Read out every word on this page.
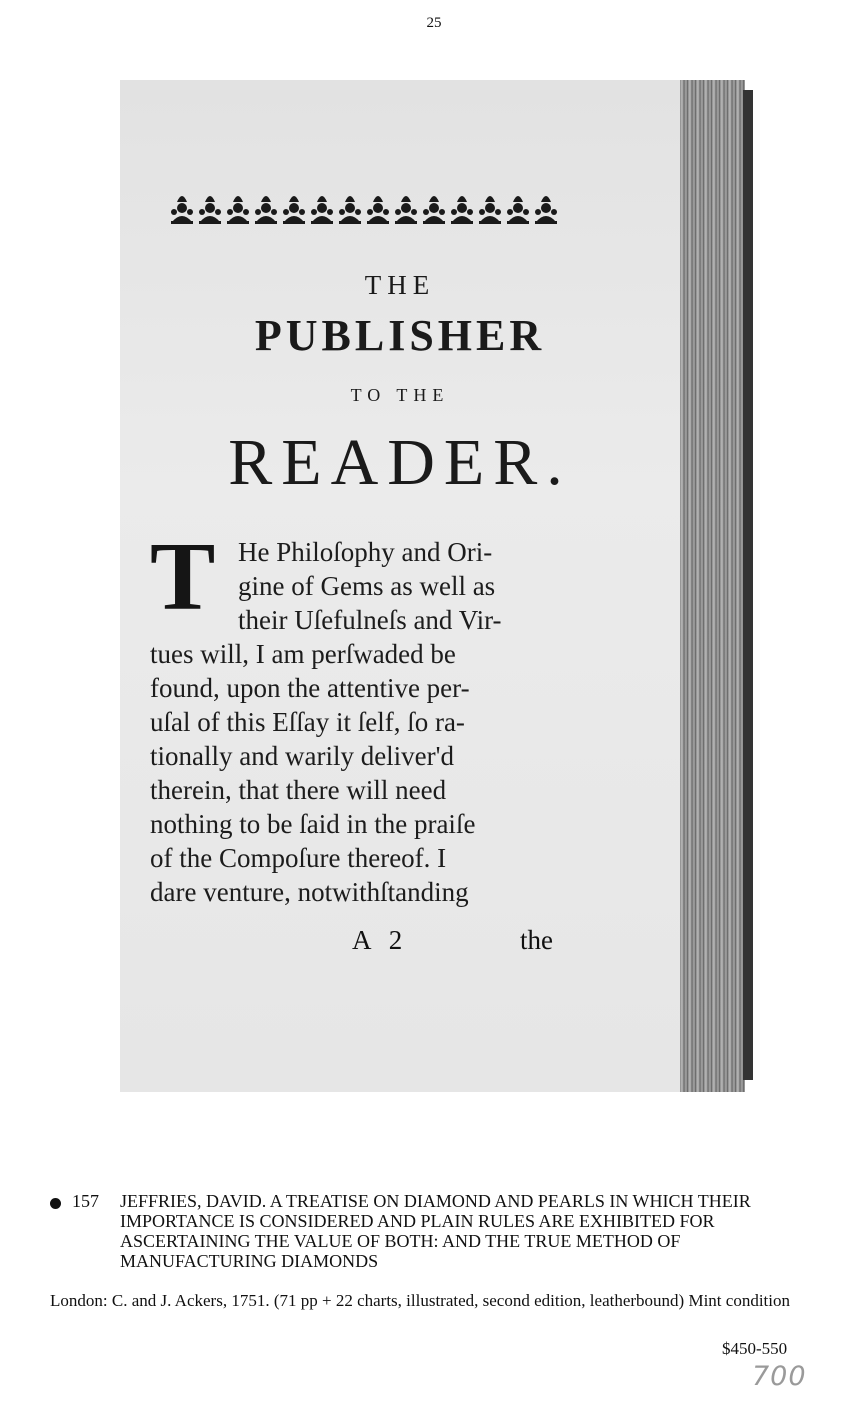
25
THE
PUBLISHER
TO THE
READER.
T He Philoſophy and Ori-
gine of Gems as well as
their Uſefulneſs and Vir-
tues will, I am perſwaded be
found, upon the attentive per-
uſal of this Eſſay it ſelf, ſo ra-
tionally and warily deliver'd
therein, that there will need
nothing to be ſaid in the praiſe
of the Compoſure thereof. I
dare venture, notwithſtanding
A 2	the
157 JEFFRIES, DAVID. A TREATISE ON DIAMOND AND PEARLS IN WHICH THEIR IMPORTANCE IS CONSIDERED AND PLAIN RULES ARE EXHIBITED FOR ASCERTAINING THE VALUE OF BOTH: AND THE TRUE METHOD OF MANUFACTURING DIAMONDS
London: C. and J. Ackers, 1751. (71 pp + 22 charts, illustrated, second edition, leatherbound) Mint condition
$450-550
700
